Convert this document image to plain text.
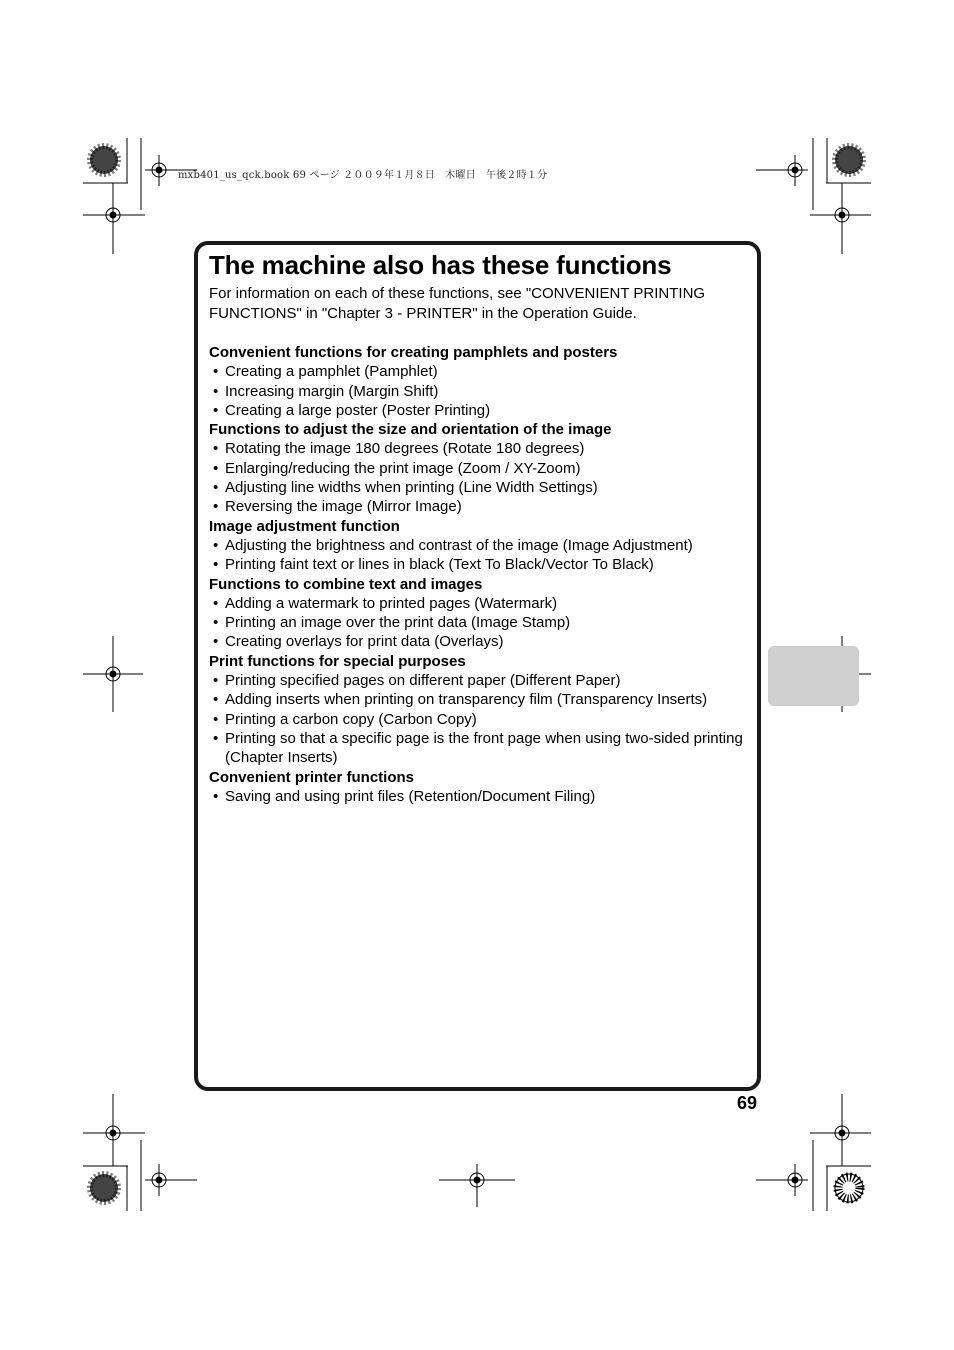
mxb401_us_qck.book 69 ページ ２００９年１月８日　木曜日　午後２時１分
The machine also has these functions

For information on each of these functions, see "CONVENIENT PRINTING FUNCTIONS" in "Chapter 3 - PRINTER" in the Operation Guide.

Convenient functions for creating pamphlets and posters
• Creating a pamphlet (Pamphlet)
• Increasing margin (Margin Shift)
• Creating a large poster (Poster Printing)
Functions to adjust the size and orientation of the image
• Rotating the image 180 degrees (Rotate 180 degrees)
• Enlarging/reducing the print image (Zoom / XY-Zoom)
• Adjusting line widths when printing (Line Width Settings)
• Reversing the image (Mirror Image)
Image adjustment function
• Adjusting the brightness and contrast of the image (Image Adjustment)
• Printing faint text or lines in black (Text To Black/Vector To Black)
Functions to combine text and images
• Adding a watermark to printed pages (Watermark)
• Printing an image over the print data (Image Stamp)
• Creating overlays for print data (Overlays)
Print functions for special purposes
• Printing specified pages on different paper (Different Paper)
• Adding inserts when printing on transparency film (Transparency Inserts)
• Printing a carbon copy (Carbon Copy)
• Printing so that a specific page is the front page when using two-sided printing (Chapter Inserts)
Convenient printer functions
• Saving and using print files (Retention/Document Filing)
69
